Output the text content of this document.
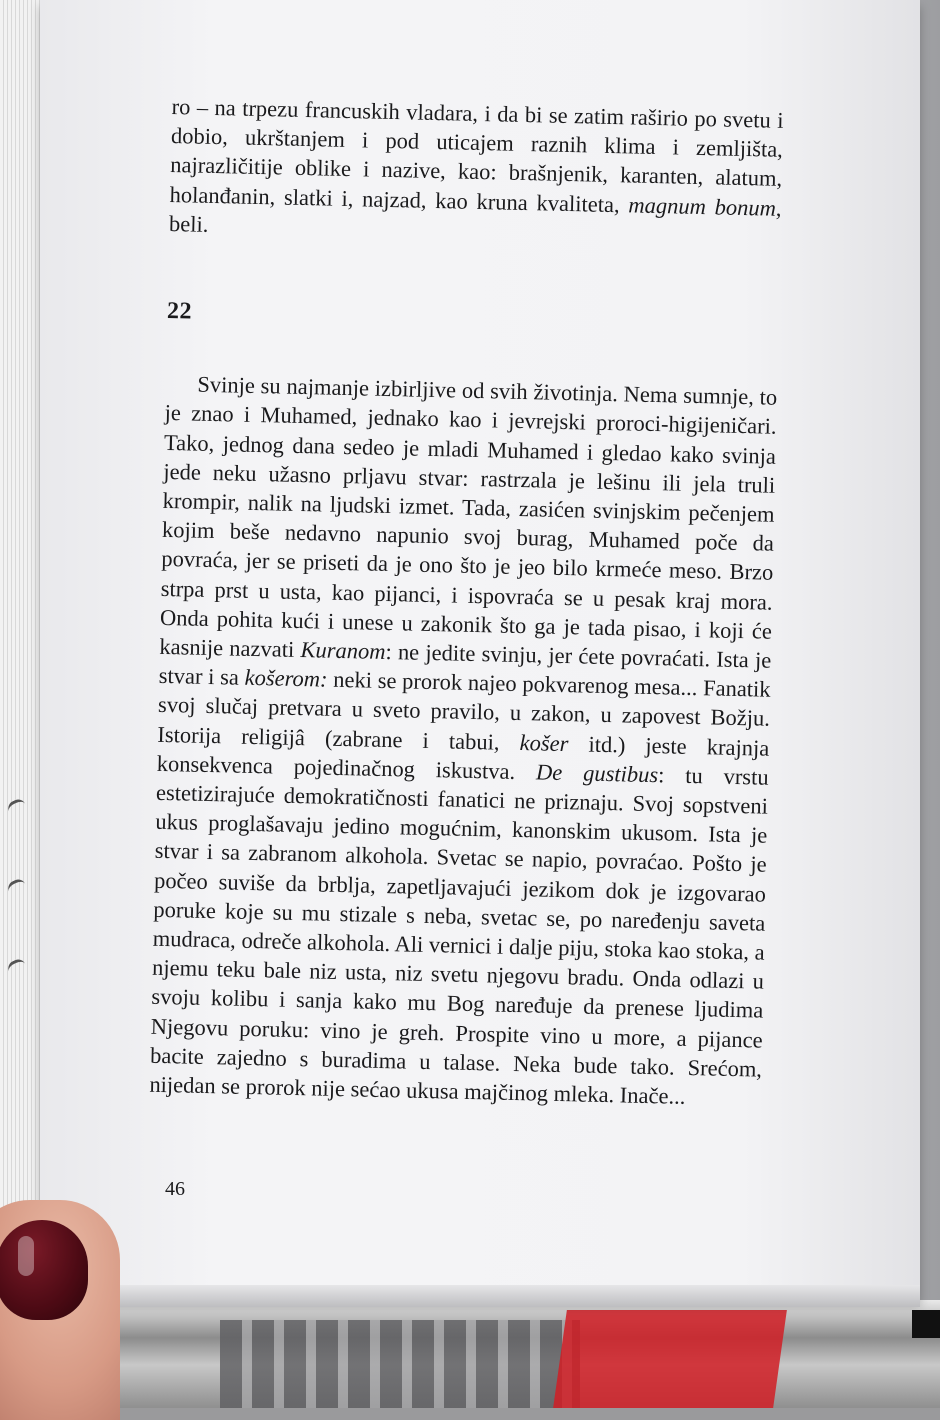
ro – na trpezu francuskih vladara, i da bi se zatim raširio po svetu i dobio, ukrštanjem i pod uticajem raznih klima i zemljišta, najrazličitije oblike i nazive, kao: brašnjenik, karanten, alatum, holanđanin, slatki i, najzad, kao kruna kvaliteta, magnum bonum, beli.

22

Svinje su najmanje izbirljive od svih životinja. Nema sumnje, to je znao i Muhamed, jednako kao i jevrejski proroci-higijeničari. Tako, jednog dana sedeo je mladi Muhamed i gledao kako svinja jede neku užasno prljavu stvar: rastrzala je lešinu ili jela truli krompir, nalik na ljudski izmet. Tada, zasićen svinjskim pečenjem kojim beše nedavno napunio svoj burag, Muhamed poče da povraća, jer se priseti da je ono što je jeo bilo krmeće meso. Brzo strpa prst u usta, kao pijanci, i ispovraća se u pesak kraj mora. Onda pohita kući i unese u zakonik što ga je tada pisao, i koji će kasnije nazvati Kuranom: ne jedite svinju, jer ćete povraćati. Ista je stvar i sa košerom: neki se prorok najeo pokvarenog mesa... Fanatik svoj slučaj pretvara u sveto pravilo, u zakon, u zapovest Božju. Istorija religijâ (zabrane i tabui, košer itd.) jeste krajnja konsekvenca pojedinačnog iskustva. De gustibus: tu vrstu estetizirajuće demokratičnosti fanatici ne priznaju. Svoj sopstveni ukus proglašavaju jedino mogućnim, kanonskim ukusom. Ista je stvar i sa zabranom alkohola. Svetac se napio, povraćao. Pošto je počeo suviše da brblja, zapetljavajući jezikom dok je izgovarao poruke koje su mu stizale s neba, svetac se, po naređenju saveta mudraca, odreče alkohola. Ali vernici i dalje piju, stoka kao stoka, a njemu teku bale niz usta, niz svetu njegovu bradu. Onda odlazi u svoju kolibu i sanja kako mu Bog naređuje da prenese ljudima Njegovu poruku: vino je greh. Prospite vino u more, a pijance bacite zajedno s buradima u talase. Neka bude tako. Srećom, nijedan se prorok nije sećao ukusa majčinog mleka. Inače...

46
